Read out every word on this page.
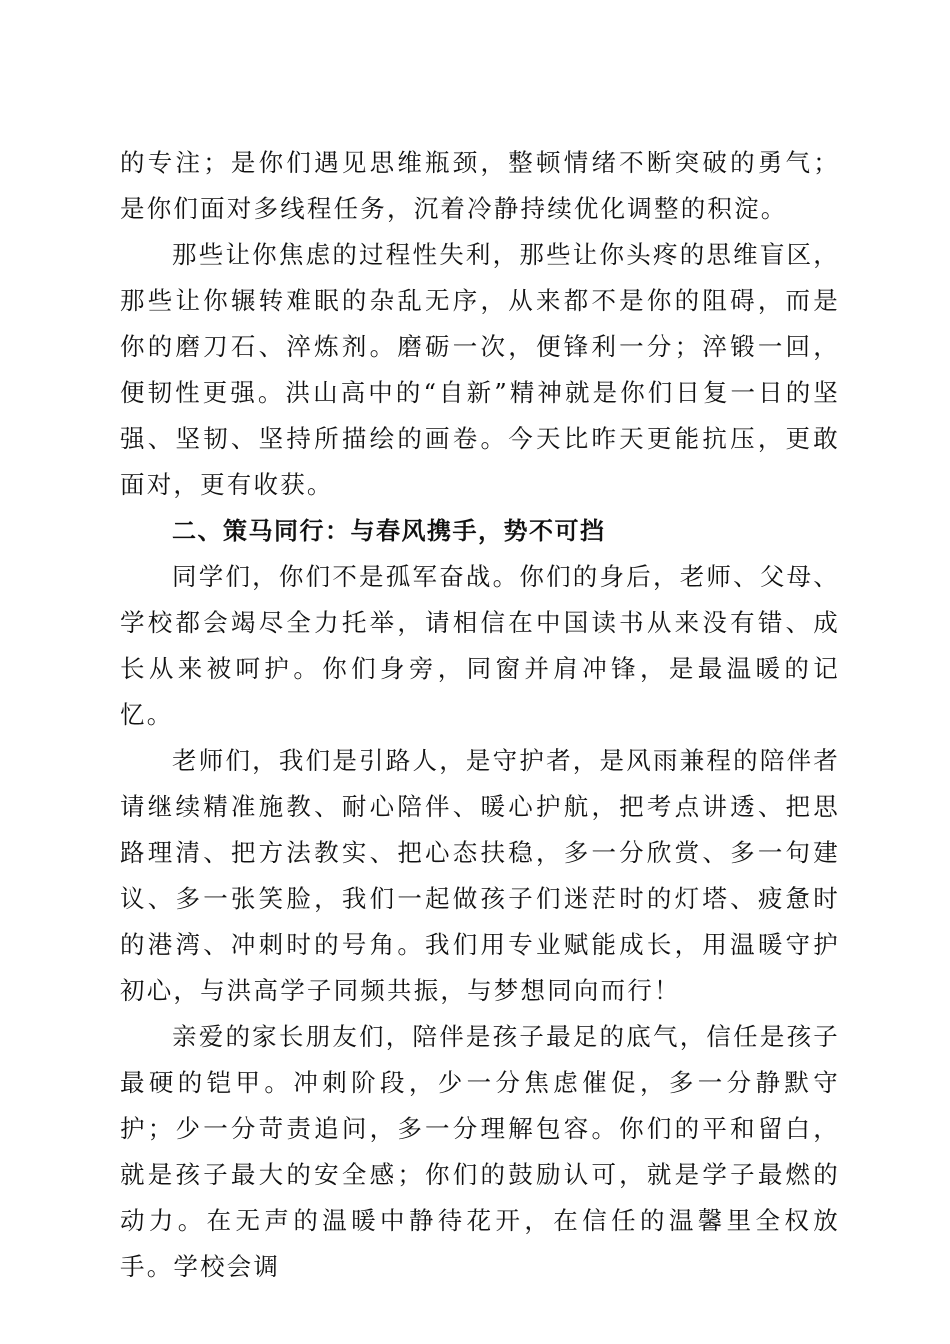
的专注；是你们遇见思维瓶颈，整顿情绪不断突破的勇气；是你们面对多线程任务，沉着冷静持续优化调整的积淀。

那些让你焦虑的过程性失利，那些让你头疼的思维盲区，那些让你辗转难眠的杂乱无序，从来都不是你的阻碍，而是你的磨刀石、淬炼剂。磨砺一次，便锋利一分；淬锻一回，便韧性更强。洪山高中的“自新”精神就是你们日复一日的坚强、坚韧、坚持所描绘的画卷。今天比昨天更能抗压，更敢面对，更有收获。

二、策马同行：与春风携手，势不可挡

同学们，你们不是孤军奋战。你们的身后，老师、父母、学校都会竭尽全力托举，请相信在中国读书从来没有错、成长从来被呵护。你们身旁，同窗并肩冲锋，是最温暖的记忆。

老师们，我们是引路人，是守护者，是风雨兼程的陪伴者请继续精准施教、耐心陪伴、暖心护航，把考点讲透、把思路理清、把方法教实、把心态扶稳，多一分欣赏、多一句建议、多一张笑脸，我们一起做孩子们迷茫时的灯塔、疲惫时的港湾、冲刺时的号角。我们用专业赋能成长，用温暖守护初心，与洪高学子同频共振，与梦想同向而行！

亲爱的家长朋友们，陪伴是孩子最足的底气，信任是孩子最硬的铠甲。冲刺阶段，少一分焦虑催促，多一分静默守护；少一分苛责追问，多一分理解包容。你们的平和留白，就是孩子最大的安全感；你们的鼓励认可，就是学子最燃的动力。在无声的温暖中静待花开，在信任的温馨里全权放手。学校会调
